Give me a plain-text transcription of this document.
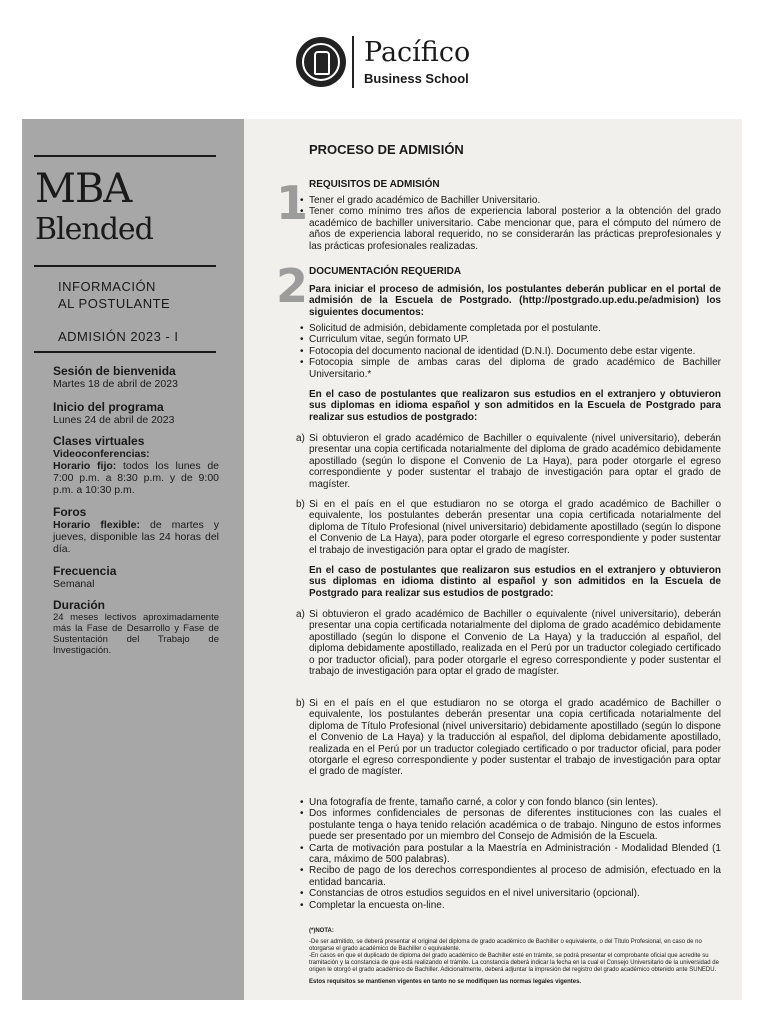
Pacífico
Business School
MBA
Blended
INFORMACIÓN
AL POSTULANTE
ADMISIÓN 2023 - I
Sesión de bienvenida
Martes 18 de abril de 2023
Inicio del programa
Lunes 24 de abril de 2023
Clases virtuales
Videoconferencias:
Horario fijo: todos los lunes de 7:00 p.m. a 8:30 p.m. y de 9:00 p.m. a 10:30 p.m.
Foros
Horario flexible: de martes y jueves, disponible las 24 horas del día.
Frecuencia
Semanal
Duración
24 meses lectivos aproximadamente más la Fase de Desarrollo y Fase de Sustentación del Trabajo de Investigación.
PROCESO DE ADMISIÓN
1 REQUISITOS DE ADMISIÓN
• Tener el grado académico de Bachiller Universitario.
• Tener como mínimo tres años de experiencia laboral posterior a la obtención del grado académico de bachiller universitario. Cabe mencionar que, para el cómputo del número de años de experiencia laboral requerido, no se considerarán las prácticas preprofesionales y las prácticas profesionales realizadas.
2 DOCUMENTACIÓN REQUERIDA
Para iniciar el proceso de admisión, los postulantes deberán publicar en el portal de admisión de la Escuela de Postgrado. (http://postgrado.up.edu.pe/admision) los siguientes documentos:
• Solicitud de admisión, debidamente completada por el postulante.
• Curriculum vitae, según formato UP.
• Fotocopia del documento nacional de identidad (D.N.I). Documento debe estar vigente.
• Fotocopia simple de ambas caras del diploma de grado académico de Bachiller Universitario.*
En el caso de postulantes que realizaron sus estudios en el extranjero y obtuvieron sus diplomas en idioma español y son admitidos en la Escuela de Postgrado para realizar sus estudios de postgrado:
a) Si obtuvieron el grado académico de Bachiller o equivalente (nivel universitario), deberán presentar una copia certificada notarialmente del diploma de grado académico debidamente apostillado (según lo dispone el Convenio de La Haya), para poder otorgarle el egreso correspondiente y poder sustentar el trabajo de investigación para optar el grado de magíster.
b) Si en el país en el que estudiaron no se otorga el grado académico de Bachiller o equivalente, los postulantes deberán presentar una copia certificada notarialmente del diploma de Título Profesional (nivel universitario) debidamente apostillado (según lo dispone el Convenio de La Haya), para poder otorgarle el egreso correspondiente y poder sustentar el trabajo de investigación para optar el grado de magíster.
En el caso de postulantes que realizaron sus estudios en el extranjero y obtuvieron sus diplomas en idioma distinto al español y son admitidos en la Escuela de Postgrado para realizar sus estudios de postgrado:
a) Si obtuvieron el grado académico de Bachiller o equivalente (nivel universitario), deberán presentar una copia certificada notarialmente del diploma de grado académico debidamente apostillado (según lo dispone el Convenio de La Haya) y la traducción al español, del diploma debidamente apostillado, realizada en el Perú por un traductor colegiado certificado o por traductor oficial), para poder otorgarle el egreso correspondiente y poder sustentar el trabajo de investigación para optar el grado de magíster.
b) Si en el país en el que estudiaron no se otorga el grado académico de Bachiller o equivalente, los postulantes deberán presentar una copia certificada notarialmente del diploma de Título Profesional (nivel universitario) debidamente apostillado (según lo dispone el Convenio de La Haya) y la traducción al español, del diploma debidamente apostillado, realizada en el Perú por un traductor colegiado certificado o por traductor oficial, para poder otorgarle el egreso correspondiente y poder sustentar el trabajo de investigación para optar el grado de magíster.
• Una fotografía de frente, tamaño carné, a color y con fondo blanco (sin lentes).
• Dos informes confidenciales de personas de diferentes instituciones con las cuales el postulante tenga o haya tenido relación académica o de trabajo. Ninguno de estos informes puede ser presentado por un miembro del Consejo de Admisión de la Escuela.
• Carta de motivación para postular a la Maestría en Administración - Modalidad Blended (1 cara, máximo de 500 palabras).
• Recibo de pago de los derechos correspondientes al proceso de admisión, efectuado en la entidad bancaria.
• Constancias de otros estudios seguidos en el nivel universitario (opcional).
• Completar la encuesta on-line.
(*)NOTA:
-De ser admitido, se deberá presentar el original del diploma de grado académico de Bachiller o equivalente, o del Título Profesional, en caso de no otorgarse el grado académico de Bachiller o equivalente.
-En casos en que el duplicado de diploma del grado académico de Bachiller esté en trámite, se podrá presentar el comprobante oficial que acredite su tramitación y la constancia de que está realizando el trámite. La constancia deberá indicar la fecha en la cual el Consejo Universitario de la universidad de origen le otorgó el grado académico de Bachiller. Adicionalmente, deberá adjuntar la impresión del registro del grado académico obtenido ante SUNEDU.
Estos requisitos se mantienen vigentes en tanto no se modifiquen las normas legales vigentes.
